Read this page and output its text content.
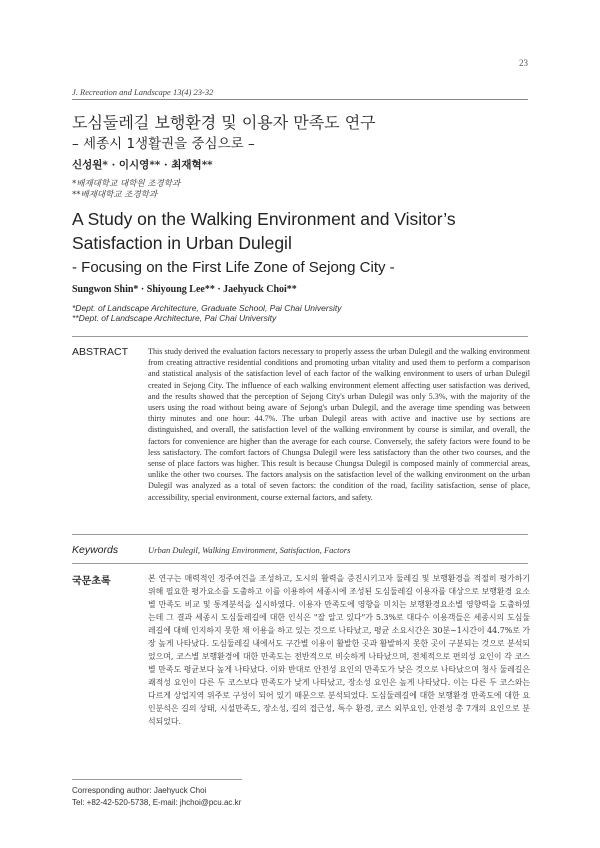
23
J. Recreation and Landscape 13(4) 23-32
도심둘레길 보행환경 및 이용자 만족도 연구
– 세종시 1생활권을 중심으로 –
신성원* · 이시영** · 최재혁**
*배재대학교 대학원 조경학과
**배재대학교 조경학과
A Study on the Walking Environment and Visitor’s Satisfaction in Urban Dulegil
- Focusing on the First Life Zone of Sejong City -
Sungwon Shin* · Shiyoung Lee** · Jaehyuck Choi**
*Dept. of Landscape Architecture, Graduate School, Pai Chai University
**Dept. of Landscape Architecture, Pai Chai University
ABSTRACT This study derived the evaluation factors necessary to properly assess the urban Dulegil and the walking environment from creating attractive residential conditions and promoting urban vitality and used them to perform a comparison and statistical analysis of the satisfaction level of each factor of the walking environment to users of urban Dulegil created in Sejong City. The influence of each walking environment element affecting user satisfaction was derived, and the results showed that the perception of Sejong City's urban Dulegil was only 5.3%, with the majority of the users using the road without being aware of Sejong's urban Dulegil, and the average time spending was between thirty minutes and one hour: 44.7%. The urban Dulegil areas with active and inactive use by sections are distinguished, and overall, the satisfaction level of the walking environment by course is similar, and overall, the factors for convenience are higher than the average for each course. Conversely, the safety factors were found to be less satisfactory. The comfort factors of Chungsa Dulegil were less satisfactory than the other two courses, and the sense of place factors was higher. This result is because Chungsa Dulegil is composed mainly of commercial areas, unlike the other two courses. The factors analysis on the satisfaction level of the walking environment on the urban Dulegil was analyzed as a total of seven factors: the condition of the road, facility satisfaction, sense of place, accessibility, special environment, course external factors, and safety.
Keywords	Urban Dulegil, Walking Environment, Satisfaction, Factors
국문초록	본 연구는 매력적인 정주여건을 조성하고, 도시의 활력을 증진시키고자 둘레길 및 보행환경을 적절히 평가하기 위해 필요한 평가요소를 도출하고 이를 이용하여 세종시에 조성된 도심둘레길 이용자를 대상으로 보행환경 요소별 만족도 비교 및 통계분석을 실시하였다. 이용자 만족도에 영향을 미치는 보행환경요소별 영향력을 도출하였는데 그 결과 세종시 도심둘레길에 대한 인식은 "잘 알고 있다"가 5.3%로 대다수 이용객들은 세종시의 도심둘레길에 대해 인지하지 못한 채 이용을 하고 있는 것으로 나타났고, 평균 소요시간은 30분~1시간이 44.7%로 가장 높게 나타났다. 도심둘레길 내에서도 구간별 이용이 활발한 곳과 활발하지 못한 곳이 구분되는 것으로 분석되었으며, 코스별 보행환경에 대한 만족도는 전반적으로 비슷하게 나타났으며, 전체적으로 편의성 요인이 각 코스별 만족도 평균보다 높게 나타났다. 이와 반대로 안전성 요인의 만족도가 낮은 것으로 나타났으며 청사 둘레길은 쾌적성 요인이 다른 두 코스보다 만족도가 낮게 나타났고, 장소성 요인은 높게 나타났다. 이는 다른 두 코스와는 다르게 상업지역 위주로 구성이 되어 있기 때문으로 분석되었다. 도심둘레길에 대한 보행환경 만족도에 대한 요인분석은 길의 상태, 시설만족도, 장소성, 길의 접근성, 특수 환경, 코스 외부요인, 안전성 총 7개의 요인으로 분석되었다.
Corresponding author: Jaehyuck Choi
Tel: +82-42-520-5738, E-mail: jhchoi@pcu.ac.kr
